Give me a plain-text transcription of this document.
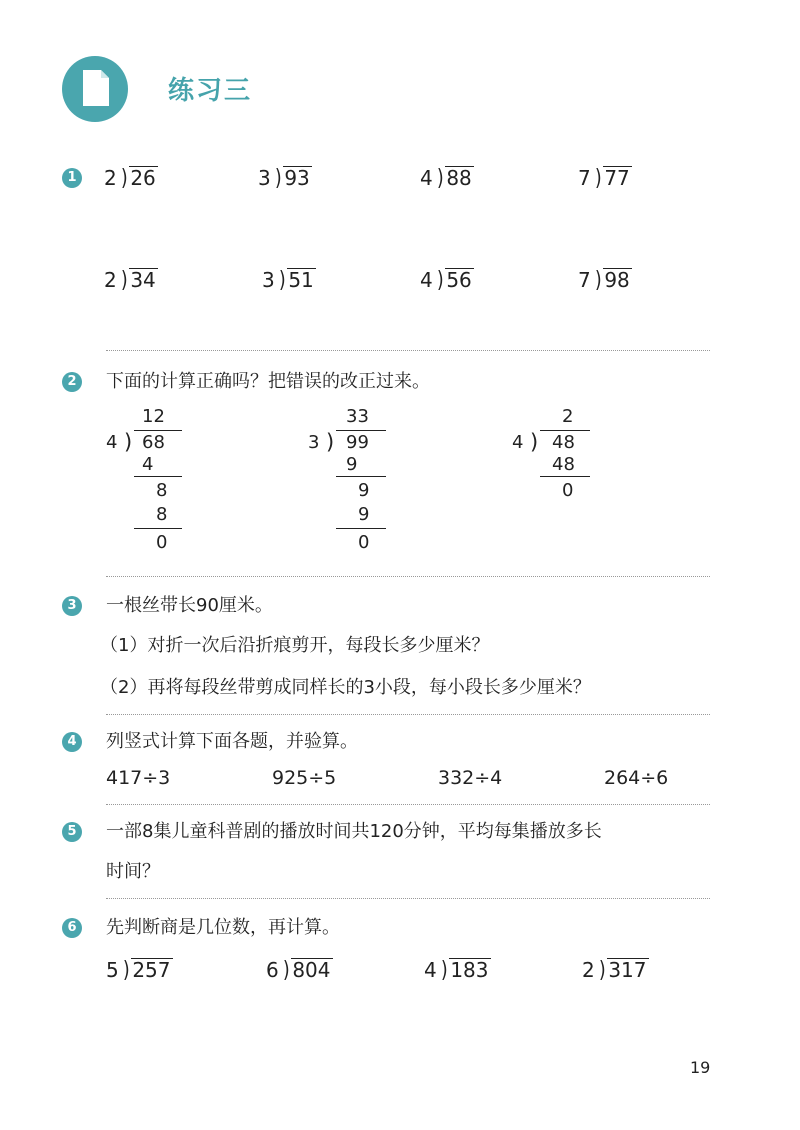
练习三
1 2 ) 26	3 ) 93	4 ) 88	7 ) 77
2 ) 34	3 ) 51	4 ) 56	7 ) 98
2	下面的计算正确吗？把错误的改正过来。
12
4 ) 68
4
8
8
0
33
3 ) 99
9
9
9
0
2
4 ) 48
48
0
3	一根丝带长90厘米。
（1）对折一次后沿折痕剪开，每段长多少厘米？
（2）再将每段丝带剪成同样长的3小段，每小段长多少厘米？
4	列竖式计算下面各题，并验算。
417÷3	925÷5	332÷4	264÷6
5	一部8集儿童科普剧的播放时间共120分钟，平均每集播放多长
时间？
6	先判断商是几位数，再计算。
5 ) 257	6 ) 804	4 ) 183	2 ) 317
19
